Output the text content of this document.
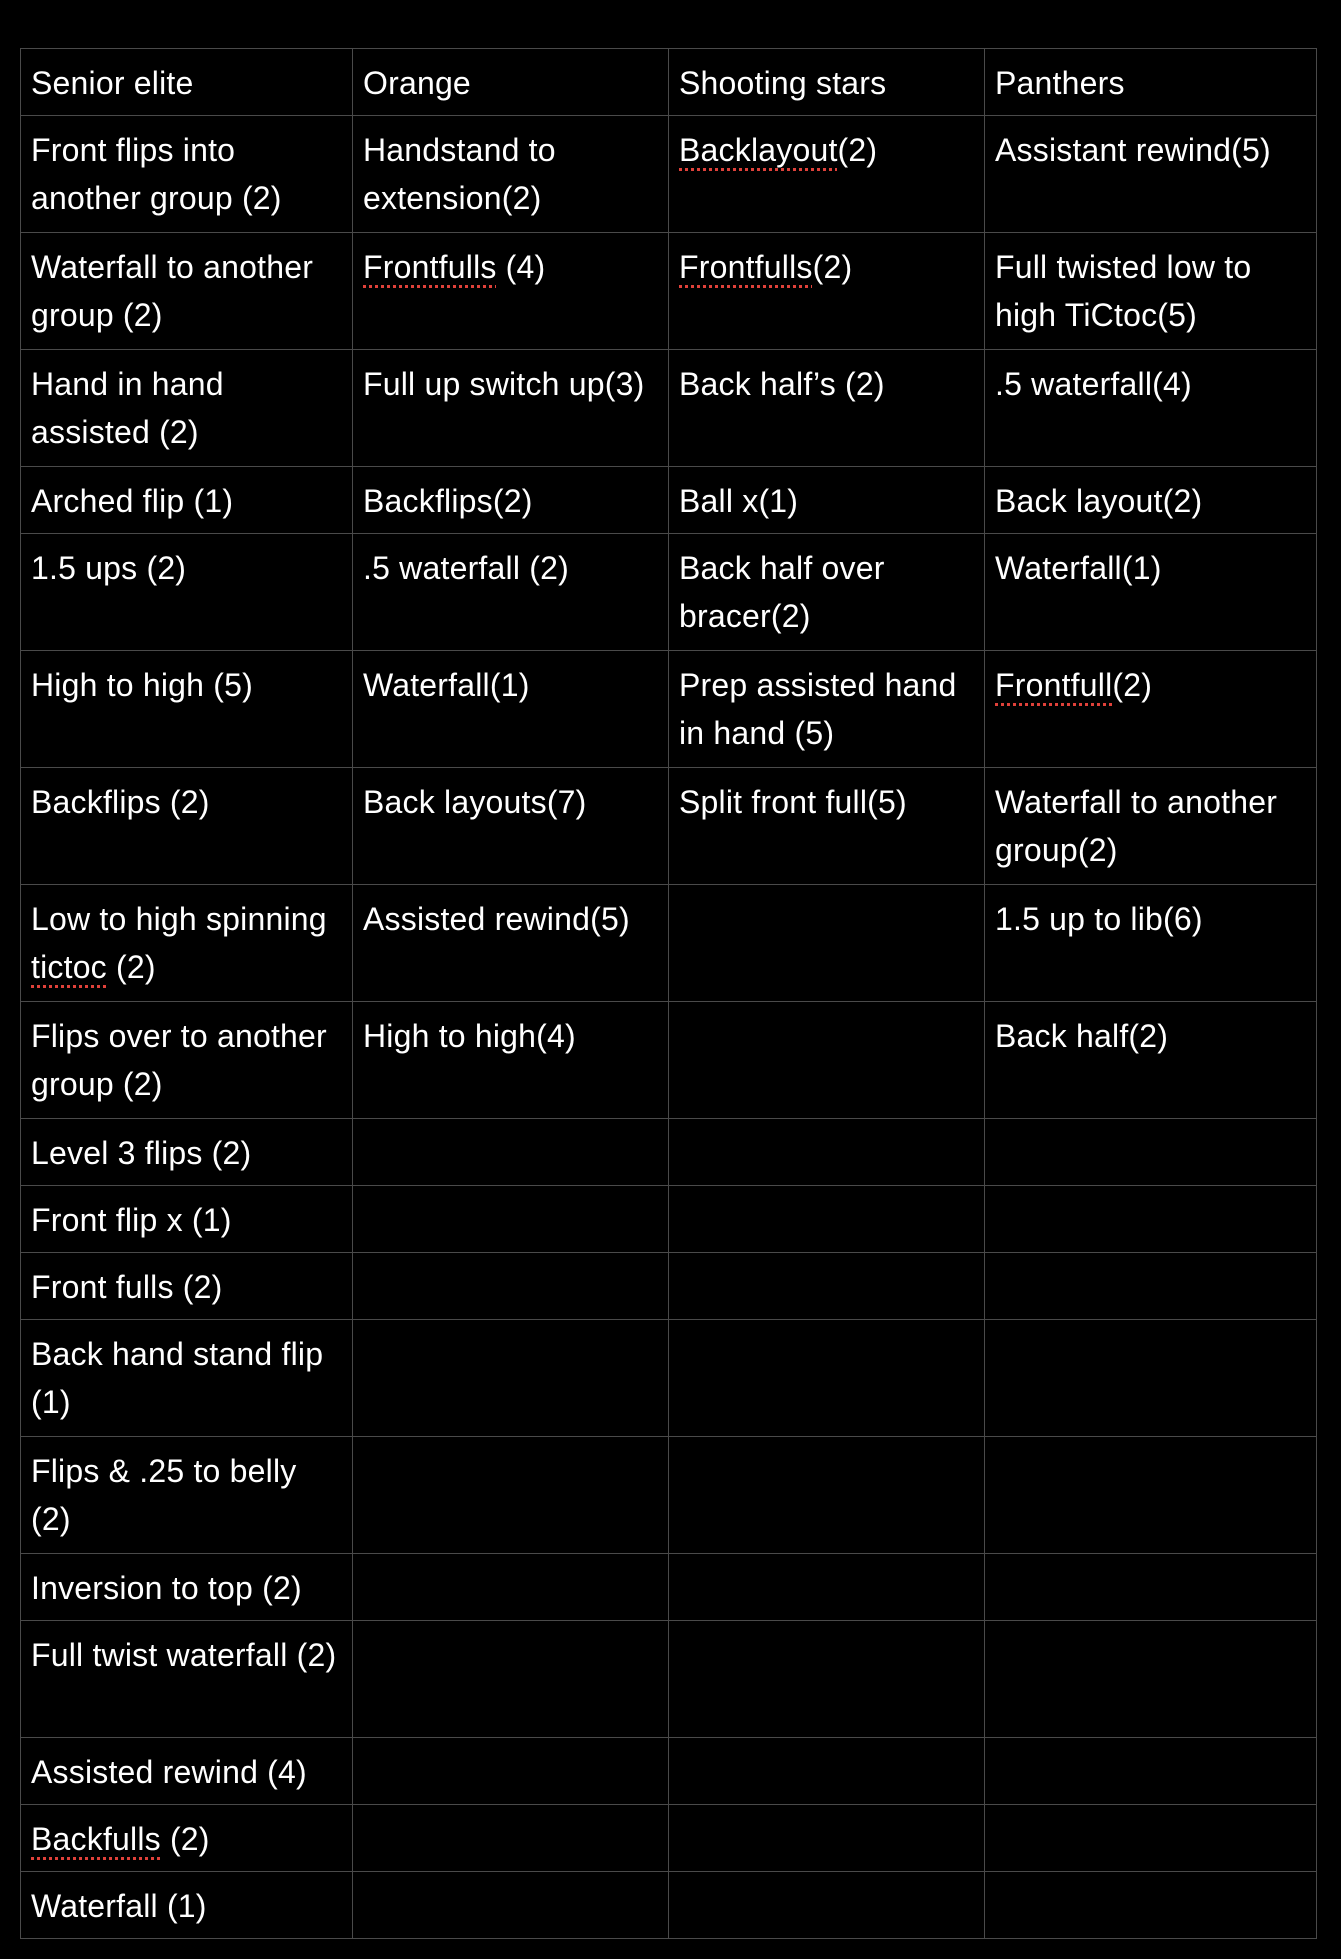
Senior elite	Orange	Shooting stars	Panthers
Front flips into another group (2)	Handstand to extension(2)	Backlayout(2)	Assistant rewind(5)
Waterfall to another group (2)	Frontfulls (4)	Frontfulls(2)	Full twisted low to high TiCtoc(5)
Hand in hand assisted (2)	Full up switch up(3)	Back half’s (2)	.5 waterfall(4)
Arched flip (1)	Backflips(2)	Ball x(1)	Back layout(2)
1.5 ups (2)	.5 waterfall (2)	Back half over bracer(2)	Waterfall(1)
High to high (5)	Waterfall(1)	Prep assisted hand in hand (5)	Frontfull(2)
Backflips (2)	Back layouts(7)	Split front full(5)	Waterfall to another group(2)
Low to high spinning tictoc (2)	Assisted rewind(5)		1.5 up to lib(6)
Flips over to another group (2)	High to high(4)		Back half(2)
Level 3 flips (2)			
Front flip x (1)			
Front fulls (2)			
Back hand stand flip (1)			
Flips & .25 to belly (2)			
Inversion to top (2)			
Full twist waterfall (2)			
Assisted rewind (4)			
Backfulls (2)			
Waterfall (1)			
